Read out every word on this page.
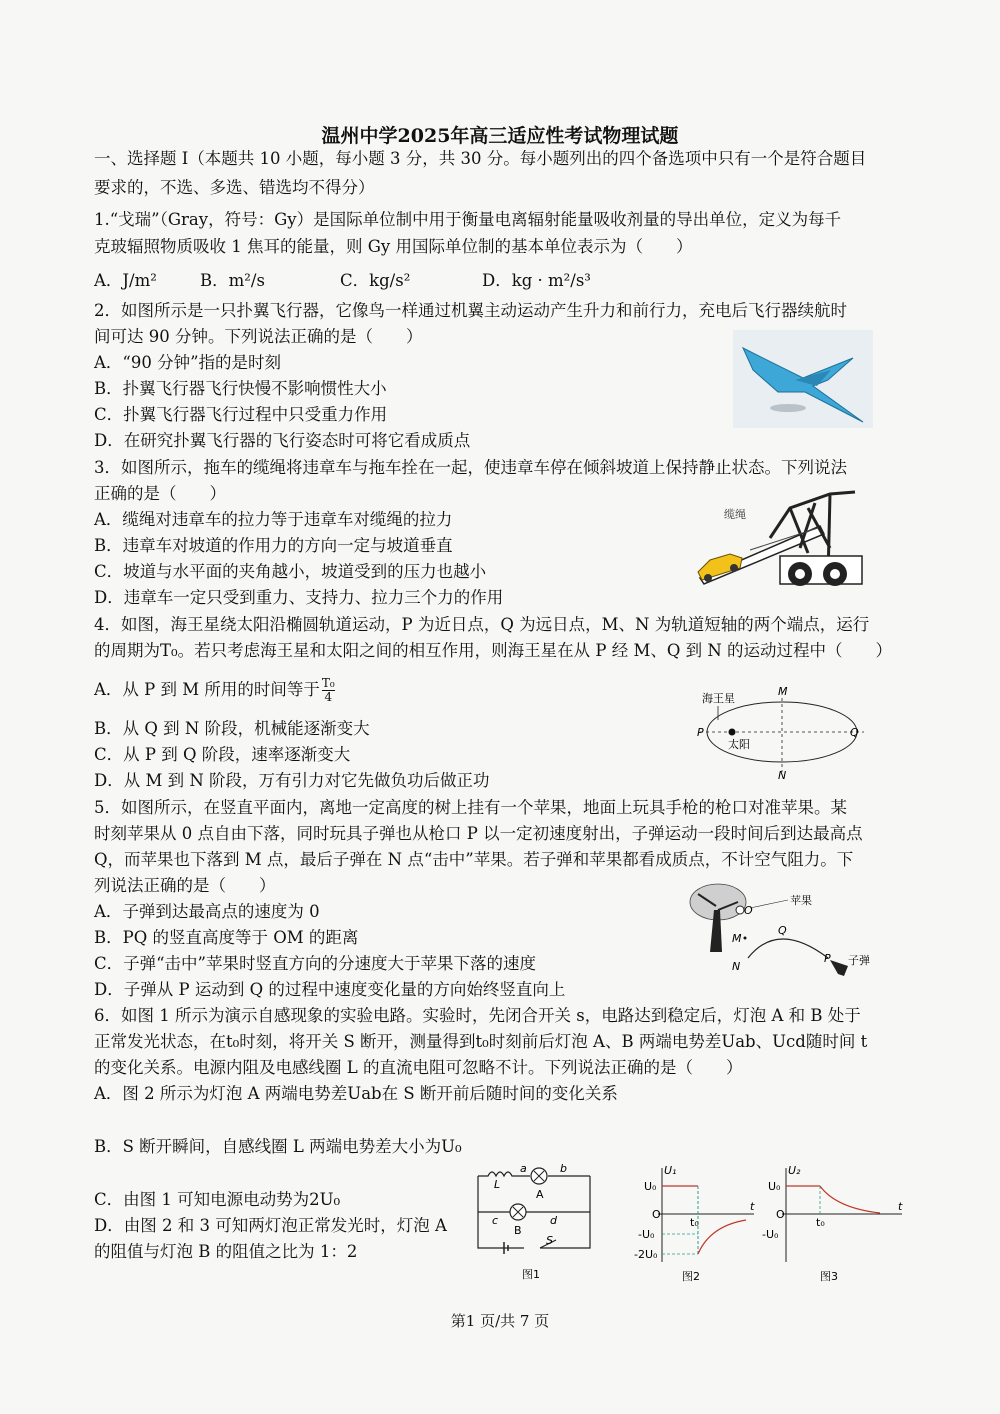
温州中学2025年高三适应性考试物理试题
一、选择题 I（本题共 10 小题，每小题 3 分，共 30 分。每小题列出的四个备选项中只有一个是符合题目
要求的，不选、多选、错选均不得分）
1.“戈瑞”（Gray，符号：Gy）是国际单位制中用于衡量电离辐射能量吸收剂量的导出单位，定义为每千
克玻辐照物质吸收 1 焦耳的能量，则 Gy 用国际单位制的基本单位表示为（　　）
A．J/m²	B．m²/s	C．kg/s²	D．kg · m²/s³
2．如图所示是一只扑翼飞行器，它像鸟一样通过机翼主动运动产生升力和前行力，充电后飞行器续航时
间可达 90 分钟。下列说法正确的是（　　）
A．“90 分钟”指的是时刻
B．扑翼飞行器飞行快慢不影响惯性大小
C．扑翼飞行器飞行过程中只受重力作用
D．在研究扑翼飞行器的飞行姿态时可将它看成质点
3．如图所示，拖车的缆绳将违章车与拖车拴在一起，使违章车停在倾斜坡道上保持静止状态。下列说法
正确的是（　　）
A．缆绳对违章车的拉力等于违章车对缆绳的拉力
B．违章车对坡道的作用力的方向一定与坡道垂直
C．坡道与水平面的夹角越小，坡道受到的压力也越小
D．违章车一定只受到重力、支持力、拉力三个力的作用
缆绳
4．如图，海王星绕太阳沿椭圆轨道运动，P 为近日点，Q 为远日点，M、N 为轨道短轴的两个端点，运行
的周期为T₀。若只考虑海王星和太阳之间的相互作用，则海王星在从 P 经 M、Q 到 N 的运动过程中（　　）
A．从 P 到 M 所用的时间等于 $\frac{\text{T₀}}{4}$
B．从 Q 到 N 阶段，机械能逐渐变大
C．从 P 到 Q 阶段，速率逐渐变大
D．从 M 到 N 阶段，万有引力对它先做负功后做正功
海王星
太阳
P	Q
M
N
5．如图所示，在竖直平面内，离地一定高度的树上挂有一个苹果，地面上玩具手枪的枪口对准苹果。某
时刻苹果从 0 点自由下落，同时玩具子弹也从枪口 P 以一定初速度射出，子弹运动一段时间后到达最高点
Q，而苹果也下落到 M 点，最后子弹在 N 点“击中”苹果。若子弹和苹果都看成质点，不计空气阻力。下
列说法正确的是（　　）
A．子弹到达最高点的速度为 0
B．PQ 的竖直高度等于 OM 的距离
C．子弹“击中”苹果时竖直方向的分速度大于苹果下落的速度
D．子弹从 P 运动到 Q 的过程中速度变化量的方向始终竖直向上
O
苹果
M
Q
N
P 子弹
6．如图 1 所示为演示自感现象的实验电路。实验时，先闭合开关 s，电路达到稳定后，灯泡 A 和 B 处于
正常发光状态，在t₀时刻，将开关 S 断开，测量得到t₀时刻前后灯泡 A、B 两端电势差Uab、Ucd随时间 t
的变化关系。电源内阻及电感线圈 L 的直流电阻可忽略不计。下列说法正确的是（　　）
A．图 2 所示为灯泡 A 两端电势差Uab在 S 断开前后随时间的变化关系
B．S 断开瞬间，自感线圈 L 两端电势差大小为U₀
C．由图 1 可知电源电动势为2U₀
D．由图 2 和 3 可知两灯泡正常发光时，灯泡 A
的阻值与灯泡 B 的阻值之比为 1：2
L
a	b
A
B
c	d
S
图1
U₁
U₀
O
t₀
t
-U₀
-2U₀
图2
U₂
U₀
O
t₀
t
-U₀
图3
第1 页/共 7 页
